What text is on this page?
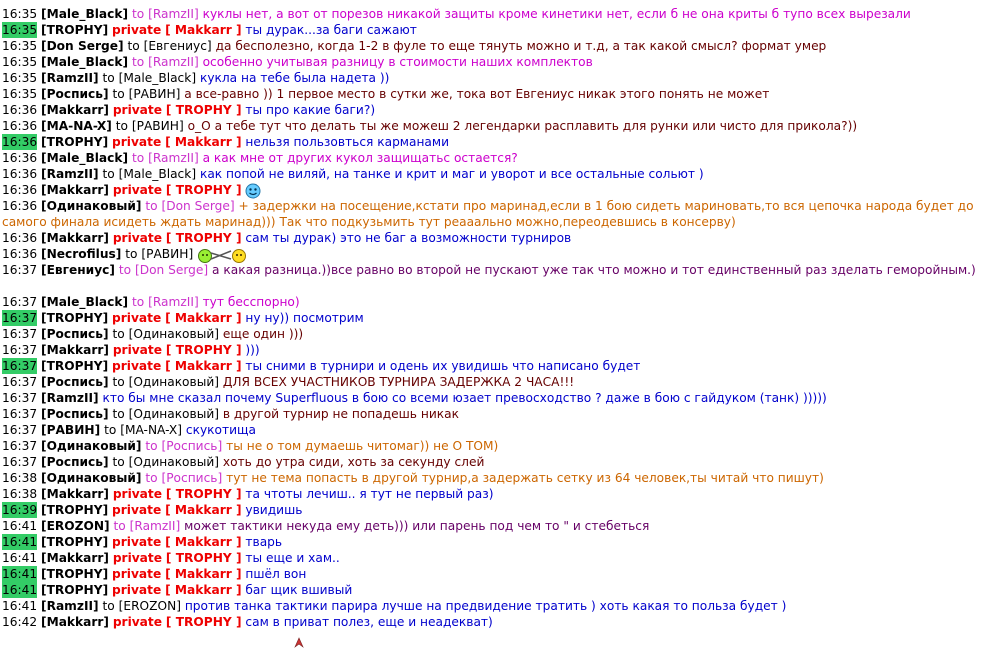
16:35 [Male_Black] to [RamzII] куклы нет, а вот от порезов никакой защиты кроме кинетики нет, если б не она криты б тупо всех вырезали
16:35 [TROPHY] private [ Makkarr ] ты дурак...за баги сажают
16:35 [Don Serge] to [Евгениус] да бесполезно, когда 1-2 в фуле то еще тянуть можно и т.д, а так какой смысл? формат умер
16:35 [Male_Black] to [RamzII] особенно учитывая разницу в стоимости наших комплектов
16:35 [RamzII] to [Male_Black] кукла на тебе была надета ))
16:35 [Роспись] to [РАВИН] а все-равно )) 1 первое место в сутки же, тока вот Евгениус никак этого понять не может
16:36 [Makkarr] private [ TROPHY ] ты про какие баги?)
16:36 [MA-NA-X] to [РАВИН] о_О а тебе тут что делать ты же можеш 2 легендарки расплавить для рунки или чисто для прикола?))
16:36 [TROPHY] private [ Makkarr ] нельзя пользовться карманами
16:36 [Male_Black] to [RamzII] а как мне от других кукол защищатьс остается?
16:36 [RamzII] to [Male_Black] как попой не виляй, на танке и крит и маг и уворот и все остальные сольют )
16:36 [Makkarr] private [ TROPHY ]
16:36 [Одинаковый] to [Don Serge] + задержки на посещение,кстати про маринад,если в 1 бою сидеть мариновать,то вся цепочка народа будет до самого финала исидеть ждать маринад))) Так что подкузьмить тут реааально можно,переодевшись в консерву)
16:36 [Makkarr] private [ TROPHY ] сам ты дурак) это не баг а возможности турниров
16:36 [Necrofilus] to [РАВИН]
16:37 [Евгениус] to [Don Serge] а какая разница.))все равно во второй не пускают уже так что можно и тот единственный раз зделать геморойным.)
16:37 [Male_Black] to [RamzII] тут бесспорно)
16:37 [TROPHY] private [ Makkarr ] ну ну)) посмотрим
16:37 [Роспись] to [Одинаковый] еще один )))
16:37 [Makkarr] private [ TROPHY ] )))
16:37 [TROPHY] private [ Makkarr ] ты сними в турнири и одень их увидишь что написано будет
16:37 [Роспись] to [Одинаковый] ДЛЯ ВСЕХ УЧАСТНИКОВ ТУРНИРА ЗАДЕРЖКА 2 ЧАСА!!!
16:37 [RamzII] кто бы мне сказал почему Superfluous в бою со всеми юзает превосходство ? даже в бою с гайдуком (танк) )))))
16:37 [Роспись] to [Одинаковый] в другой турнир не попадешь никак
16:37 [РАВИН] to [MA-NA-X] скукотища
16:37 [Одинаковый] to [Роспись] ты не о том думаешь читомаг)) не О ТОМ)
16:37 [Роспись] to [Одинаковый] хоть до утра сиди, хоть за секунду слей
16:38 [Одинаковый] to [Роспись] тут не тема попасть в другой турнир,а задержать сетку из 64 человек,ты читай что пишут)
16:38 [Makkarr] private [ TROPHY ] та чтоты лечиш.. я тут не первый раз)
16:39 [TROPHY] private [ Makkarr ] увидишь
16:41 [EROZON] to [RamzII] может тактики некуда ему деть))) или парень под чем то " и стебеться
16:41 [TROPHY] private [ Makkarr ] тварь
16:41 [Makkarr] private [ TROPHY ] ты еще и хам..
16:41 [TROPHY] private [ Makkarr ] пшёл вон
16:41 [TROPHY] private [ Makkarr ] баг щик вшивый
16:41 [RamzII] to [EROZON] против танка тактики парира лучше на предвидение тратить ) хоть какая то польза будет )
16:42 [Makkarr] private [ TROPHY ] сам в приват полез, еще и неадекват)
